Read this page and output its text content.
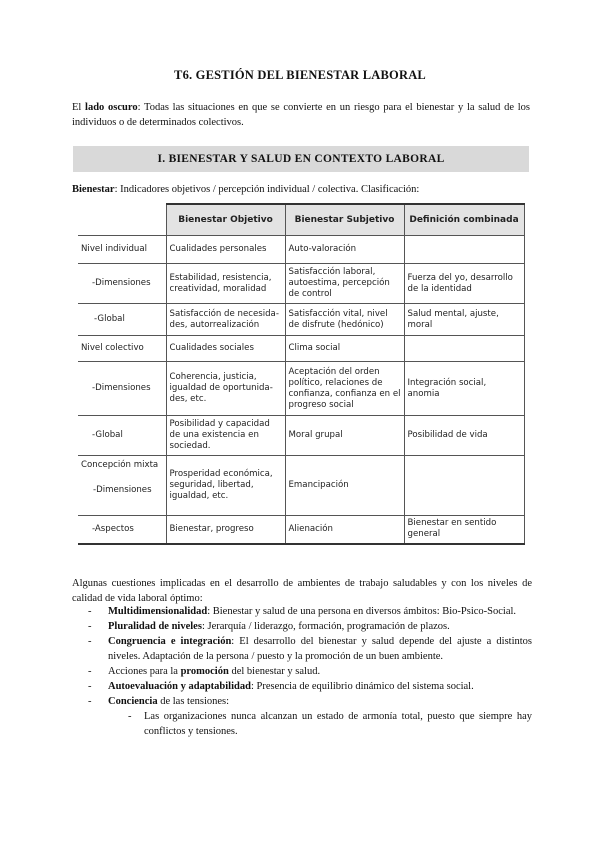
T6. GESTIÓN DEL BIENESTAR LABORAL

El lado oscuro: Todas las situaciones en que se convierte en un riesgo para el bienestar y la salud de los individuos o de determinados colectivos.

I. BIENESTAR Y SALUD EN CONTEXTO LABORAL

Bienestar: Indicadores objetivos / percepción individual / colectiva. Clasificación:

	Bienestar Objetivo	Bienestar Subjetivo	Definición combinada
Nivel individual	Cualidades personales	Auto-valoración	
-Dimensiones	Estabilidad, resistencia, creatividad, moralidad	Satisfacción laboral, autoestima, percepción de control	Fuerza del yo, desarrollo de la identidad
-Global	Satisfacción de necesida-des, autorrealización	Satisfacción vital, nivel de disfrute (hedónico)	Salud mental, ajuste, moral
Nivel colectivo	Cualidades sociales	Clima social	
-Dimensiones	Coherencia, justicia, igualdad de oportunida-des, etc.	Aceptación del orden político, relaciones de confianza, confianza en el progreso social	Integración social, anomia
-Global	Posibilidad y capacidad de una existencia en sociedad.	Moral grupal	Posibilidad de vida

Concepción mixta
-Dimensiones	Prosperidad económica, seguridad, libertad, igualdad, etc.	Emancipación	
-Aspectos	Bienestar, progreso	Alienación	Bienestar en sentido general

Algunas cuestiones implicadas en el desarrollo de ambientes de trabajo saludables y con los niveles de calidad de vida laboral óptimo:

- Multidimensionalidad: Bienestar y salud de una persona en diversos ámbitos: Bio-Psico-Social.
- Pluralidad de niveles: Jerarquía / liderazgo, formación, programación de plazos.
- Congruencia e integración: El desarrollo del bienestar y salud depende del ajuste a distintos niveles. Adaptación de la persona / puesto y la promoción de un buen ambiente.
- Acciones para la promoción del bienestar y salud.
- Autoevaluación y adaptabilidad: Presencia de equilibrio dinámico del sistema social.
- Conciencia de las tensiones:
- Las organizaciones nunca alcanzan un estado de armonía total, puesto que siempre hay conflictos y tensiones.
